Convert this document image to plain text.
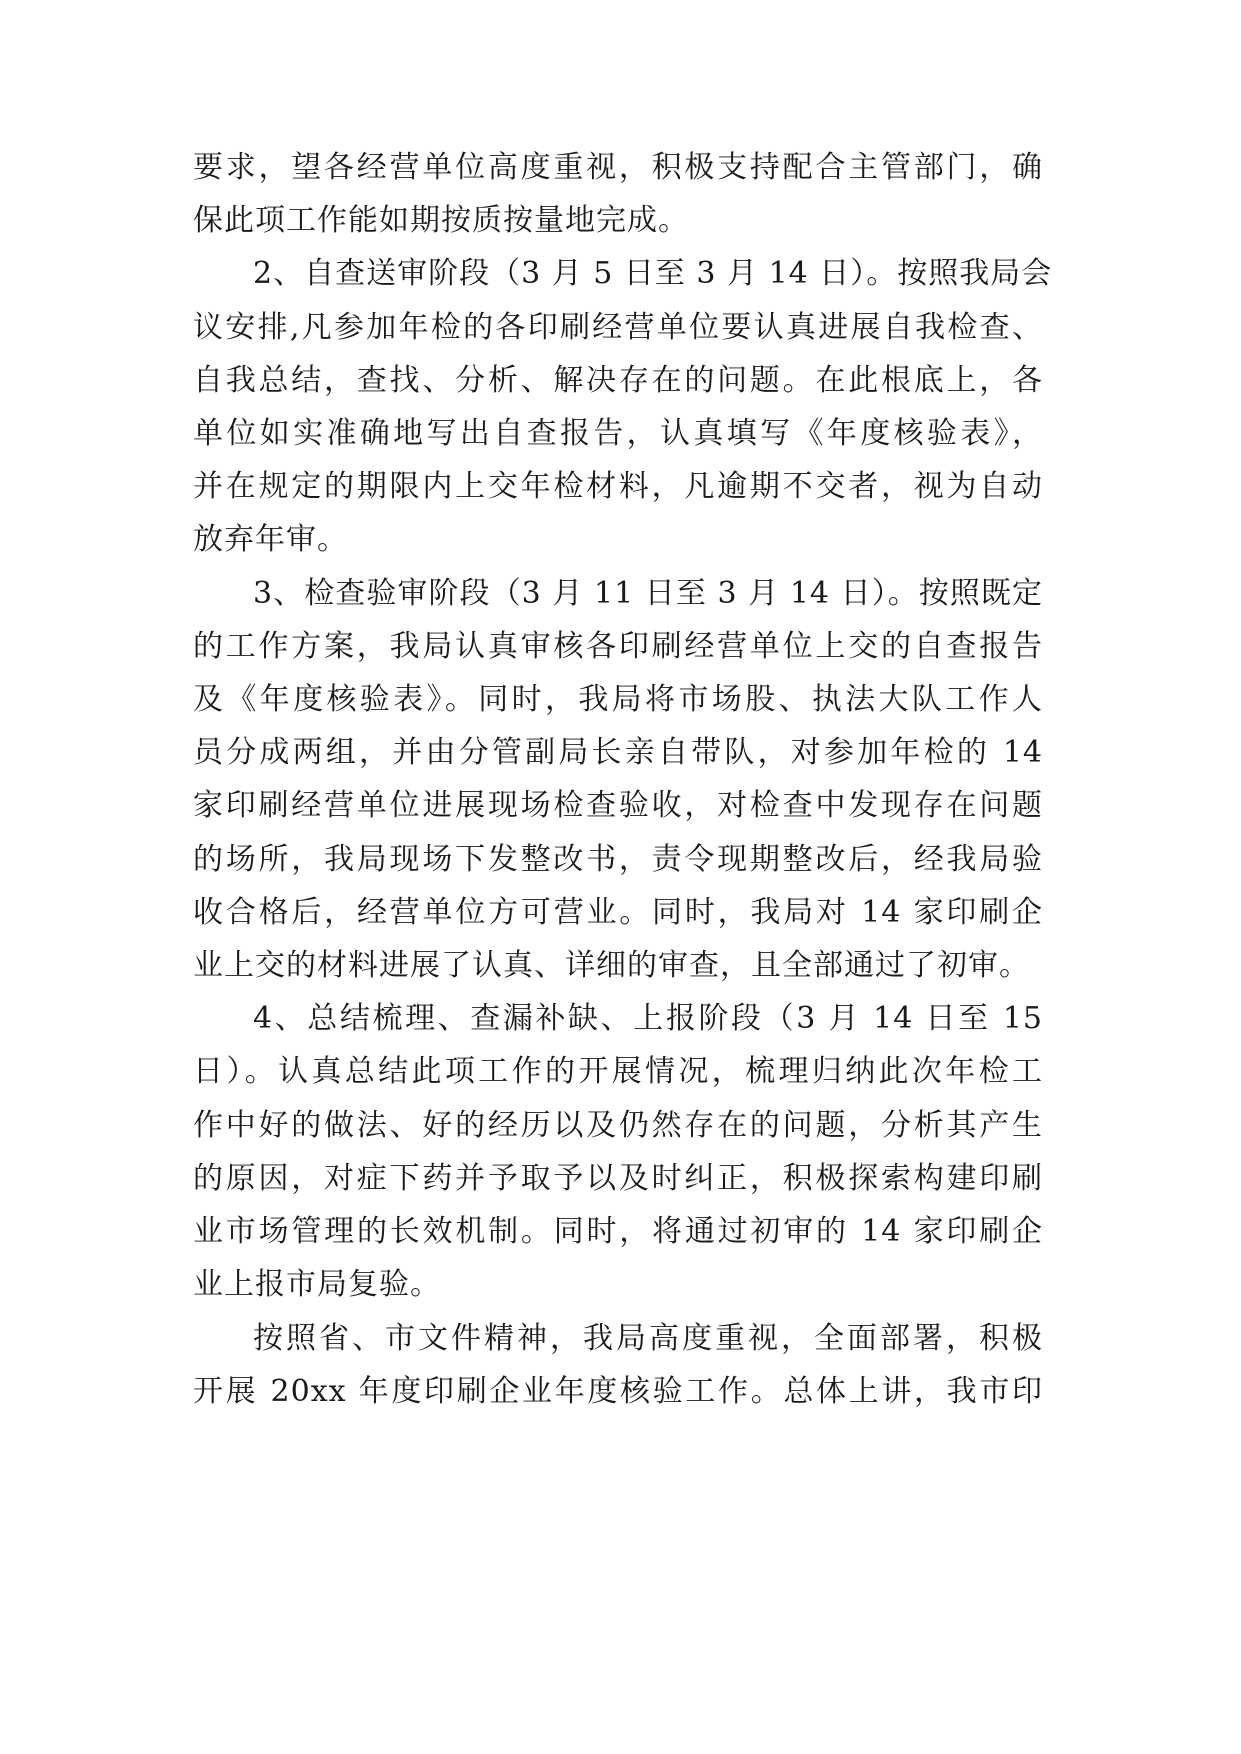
要求，望各经营单位高度重视，积极支持配合主管部门，确
保此项工作能如期按质按量地完成。
2、自查送审阶段（3 月 5 日至 3 月 14 日）。按照我局会
议安排,凡参加年检的各印刷经营单位要认真进展自我检查、
自我总结，查找、分析、解决存在的问题。在此根底上，各
单位如实准确地写出自查报告，认真填写《年度核验表》，
并在规定的期限内上交年检材料，凡逾期不交者，视为自动
放弃年审。
3、检查验审阶段（3 月 11 日至 3 月 14 日）。按照既定
的工作方案，我局认真审核各印刷经营单位上交的自查报告
及《年度核验表》。同时，我局将市场股、执法大队工作人
员分成两组，并由分管副局长亲自带队，对参加年检的 14
家印刷经营单位进展现场检查验收，对检查中发现存在问题
的场所，我局现场下发整改书，责令现期整改后，经我局验
收合格后，经营单位方可营业。同时，我局对 14 家印刷企
业上交的材料进展了认真、详细的审查，且全部通过了初审。
4、总结梳理、查漏补缺、上报阶段（3 月 14 日至 15
日）。认真总结此项工作的开展情况，梳理归纳此次年检工
作中好的做法、好的经历以及仍然存在的问题，分析其产生
的原因，对症下药并予取予以及时纠正，积极探索构建印刷
业市场管理的长效机制。同时，将通过初审的 14 家印刷企
业上报市局复验。
按照省、市文件精神，我局高度重视，全面部署，积极
开展 20xx 年度印刷企业年度核验工作。总体上讲，我市印
